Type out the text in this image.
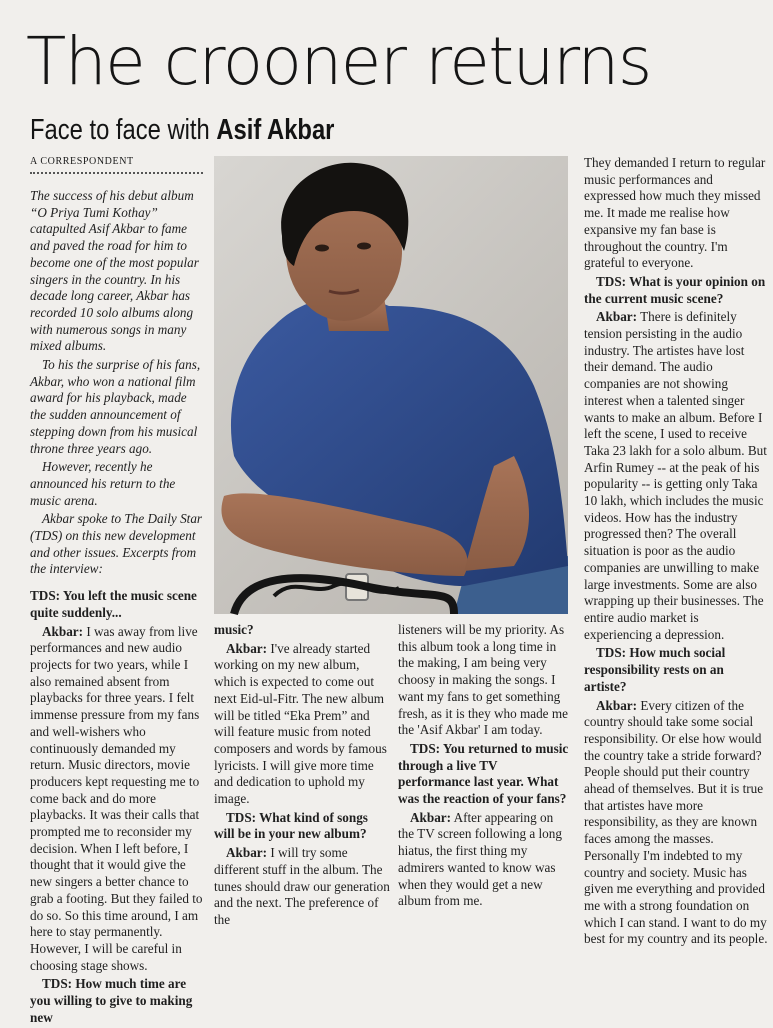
The crooner returns
Face to face with Asif Akbar
A CORRESPONDENT

The success of his debut album “O Priya Tumi Kothay” catapulted Asif Akbar to fame and paved the road for him to become one of the most popular singers in the country. In his decade long career, Akbar has recorded 10 solo albums along with numerous songs in many mixed albums.

To his the surprise of his fans, Akbar, who won a national film award for his playback, made the sudden announcement of stepping down from his musical throne three years ago.

However, recently he announced his return to the music arena.

Akbar spoke to The Daily Star (TDS) on this new development and other issues. Excerpts from the interview:

TDS: You left the music scene quite suddenly...

Akbar: I was away from live performances and new audio projects for two years, while I also remained absent from playbacks for three years. I felt immense pressure from my fans and well-wishers who continuously demanded my return. Music directors, movie producers kept requesting me to come back and do more playbacks. It was their calls that prompted me to reconsider my decision. When I left before, I thought that it would give the new singers a better chance to grab a footing. But they failed to do so. So this time around, I am here to stay permanently. However, I will be careful in choosing stage shows.

TDS: How much time are you willing to give to making new

music?

Akbar: I've already started working on my new album, which is expected to come out next Eid-ul-Fitr. The new album will be titled “Eka Prem” and will feature music from noted composers and words by famous lyricists. I will give more time and dedication to uphold my image.

TDS: What kind of songs will be in your new album?

Akbar: I will try some different stuff in the album. The tunes should draw our generation and the next. The preference of the

listeners will be my priority. As this album took a long time in the making, I am being very choosy in making the songs. I want my fans to get something fresh, as it is they who made me the 'Asif Akbar' I am today.

TDS: You returned to music through a live TV performance last year. What was the reaction of your fans?

Akbar: After appearing on the TV screen following a long hiatus, the first thing my admirers wanted to know was when they would get a new album from me.

They demanded I return to regular music performances and expressed how much they missed me. It made me realise how expansive my fan base is throughout the country. I'm grateful to everyone.

TDS: What is your opinion on the current music scene?

Akbar: There is definitely tension persisting in the audio industry. The artistes have lost their demand. The audio companies are not showing interest when a talented singer wants to make an album. Before I left the scene, I used to receive Taka 23 lakh for a solo album. But Arfin Rumey -- at the peak of his popularity -- is getting only Taka 10 lakh, which includes the music videos. How has the industry progressed then? The overall situation is poor as the audio companies are unwilling to make large investments. Some are also wrapping up their businesses. The entire audio market is experiencing a depression.

TDS: How much social responsibility rests on an artiste?

Akbar: Every citizen of the country should take some social responsibility. Or else how would the country take a stride forward? People should put their country ahead of themselves. But it is true that artistes have more responsibility, as they are known faces among the masses. Personally I'm indebted to my country and society. Music has given me everything and provided me with a strong foundation on which I can stand. I want to do my best for my country and its people.
